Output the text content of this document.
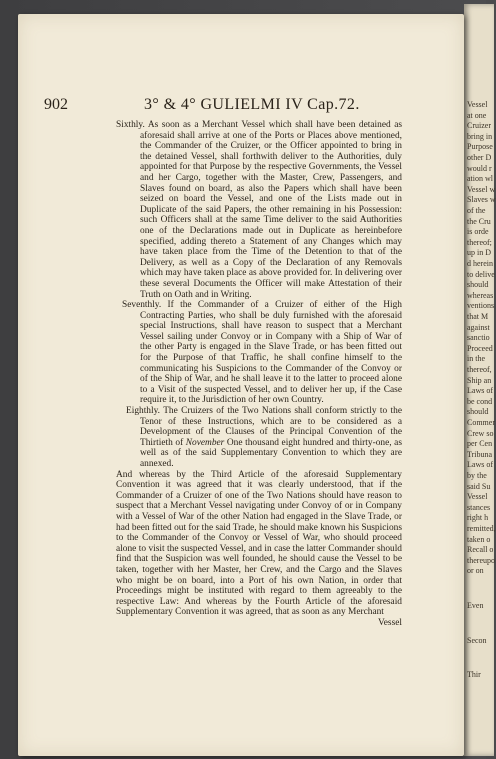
Vessel
at one
Cruizer
bring in
Purpose
other D
would r
ation wl
Vessel w
Slaves w
of the
the Cru
is orde
thereof;
up in D
d herein
to delive
should
whereas
ventions
that M
against
sanctio
Proceed
in the
thereof,
Ship an
Laws of
be cond
should
Commer
Crew so
per Cen
Tribuna
Laws of
by the
said Su
Vessel
stances
right h
remitted,
taken o
Recall o
thereupo
or on
Even
Secon
Thir
902	3° & 4° GULIELMI IV Cap.72.

Sixthly. As soon as a Merchant Vessel which shall have been detained as aforesaid shall arrive at one of the Ports or Places above mentioned, the Commander of the Cruizer, or the Officer appointed to bring in the detained Vessel, shall forthwith deliver to the Authorities, duly appointed for that Purpose by the respective Governments, the Vessel and her Cargo, together with the Master, Crew, Passengers, and Slaves found on board, as also the Papers which shall have been seized on board the Vessel, and one of the Lists made out in Duplicate of the said Papers, the other remaining in his Possession: such Officers shall at the same Time deliver to the said Authorities one of the Declarations made out in Duplicate as hereinbefore specified, adding thereto a Statement of any Changes which may have taken place from the Time of the Detention to that of the Delivery, as well as a Copy of the Declaration of any Removals which may have taken place as above provided for. In delivering over these several Documents the Officer will make Attestation of their Truth on Oath and in Writing.

Seventhly. If the Commander of a Cruizer of either of the High Contracting Parties, who shall be duly furnished with the aforesaid special Instructions, shall have reason to suspect that a Merchant Vessel sailing under Convoy or in Company with a Ship of War of the other Party is engaged in the Slave Trade, or has been fitted out for the Purpose of that Traffic, he shall confine himself to the communicating his Suspicions to the Commander of the Convoy or of the Ship of War, and he shall leave it to the latter to proceed alone to a Visit of the suspected Vessel, and to deliver her up, if the Case require it, to the Jurisdiction of her own Country.

Eighthly. The Cruizers of the Two Nations shall conform strictly to the Tenor of these Instructions, which are to be considered as a Development of the Clauses of the Principal Convention of the Thirtieth of November One thousand eight hundred and thirty-one, as well as of the said Supplementary Convention to which they are annexed.

And whereas by the Third Article of the aforesaid Supplementary Convention it was agreed that it was clearly understood, that if the Commander of a Cruizer of one of the Two Nations should have reason to suspect that a Merchant Vessel navigating under Convoy of or in Company with a Vessel of War of the other Nation had engaged in the Slave Trade, or had been fitted out for the said Trade, he should make known his Suspicions to the Commander of the Convoy or Vessel of War, who should proceed alone to visit the suspected Vessel, and in case the latter Commander should find that the Suspicion was well founded, he should cause the Vessel to be taken, together with her Master, her Crew, and the Cargo and the Slaves who might be on board, into a Port of his own Nation, in order that Proceedings might be instituted with regard to them agreeably to the respective Law: And whereas by the Fourth Article of the aforesaid Supplementary Convention it was agreed, that as soon as any Merchant

Vessel
